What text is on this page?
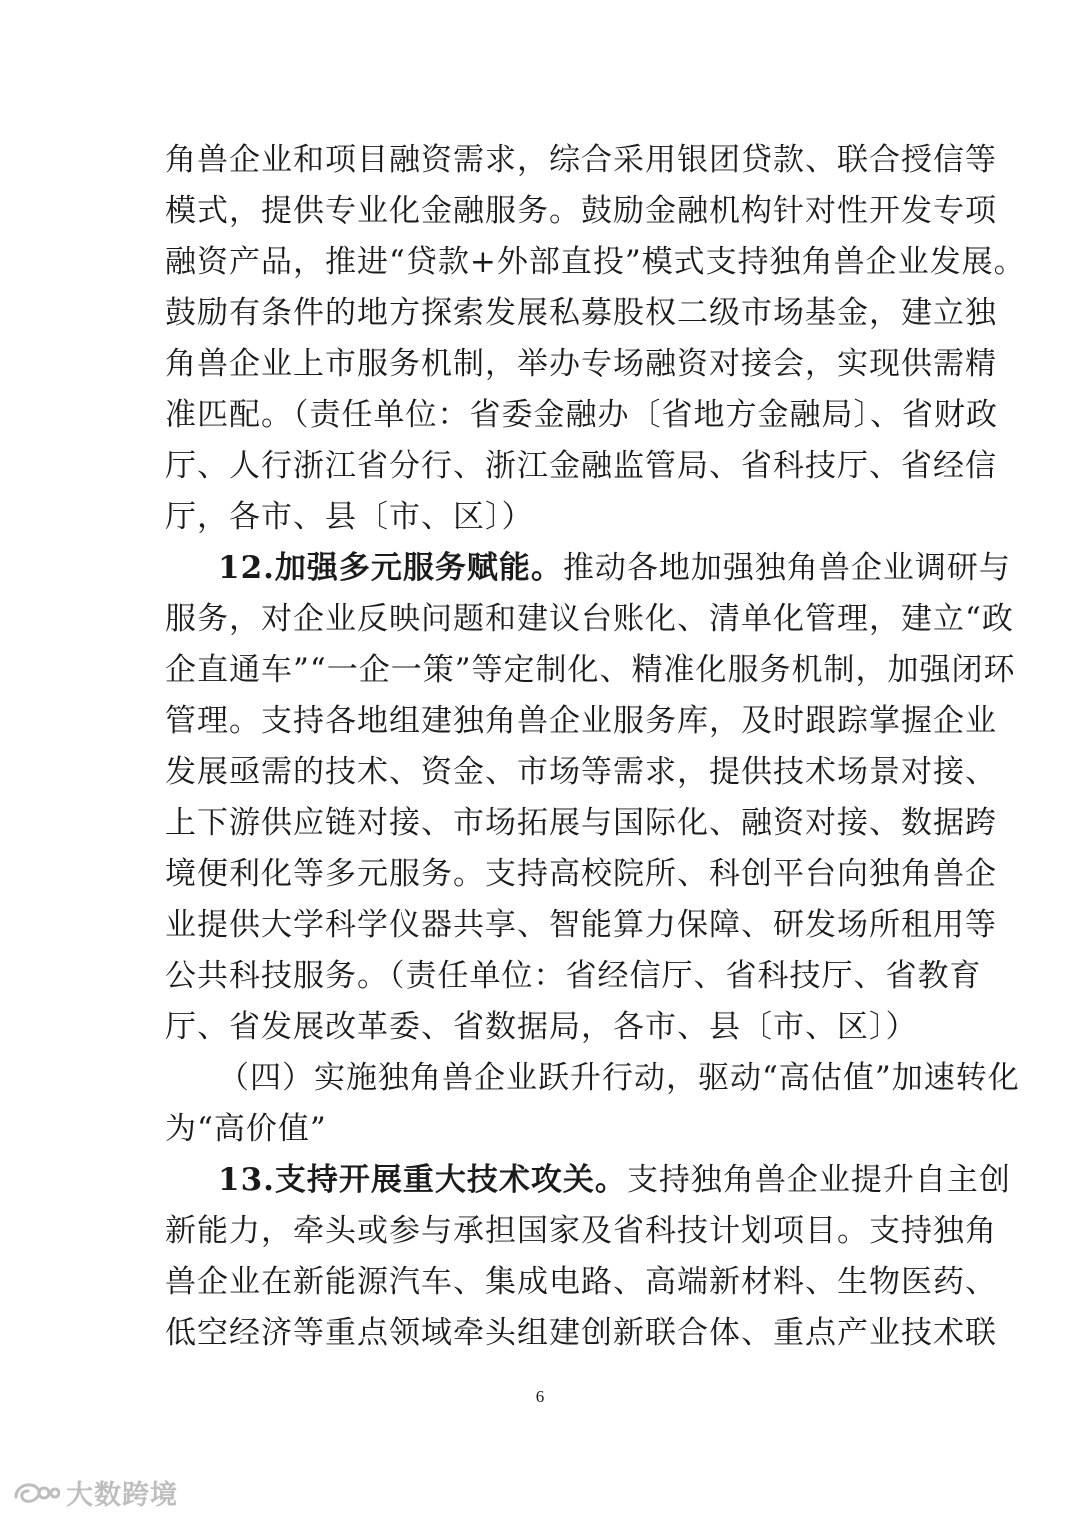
角兽企业和项目融资需求，综合采用银团贷款、联合授信等
模式，提供专业化金融服务。鼓励金融机构针对性开发专项
融资产品，推进“贷款+外部直投”模式支持独角兽企业发展。
鼓励有条件的地方探索发展私募股权二级市场基金，建立独
角兽企业上市服务机制，举办专场融资对接会，实现供需精
准匹配。（责任单位：省委金融办〔省地方金融局〕、省财政
厅、人行浙江省分行、浙江金融监管局、省科技厅、省经信
厅，各市、县〔市、区〕）
12.加强多元服务赋能。推动各地加强独角兽企业调研与
服务，对企业反映问题和建议台账化、清单化管理，建立“政
企直通车”“一企一策”等定制化、精准化服务机制，加强闭环
管理。支持各地组建独角兽企业服务库，及时跟踪掌握企业
发展亟需的技术、资金、市场等需求，提供技术场景对接、
上下游供应链对接、市场拓展与国际化、融资对接、数据跨
境便利化等多元服务。支持高校院所、科创平台向独角兽企
业提供大学科学仪器共享、智能算力保障、研发场所租用等
公共科技服务。（责任单位：省经信厅、省科技厅、省教育
厅、省发展改革委、省数据局，各市、县〔市、区〕）
（四）实施独角兽企业跃升行动，驱动“高估值”加速转化
为“高价值”
13.支持开展重大技术攻关。支持独角兽企业提升自主创
新能力，牵头或参与承担国家及省科技计划项目。支持独角
兽企业在新能源汽车、集成电路、高端新材料、生物医药、
低空经济等重点领域牵头组建创新联合体、重点产业技术联
6
大数跨境
